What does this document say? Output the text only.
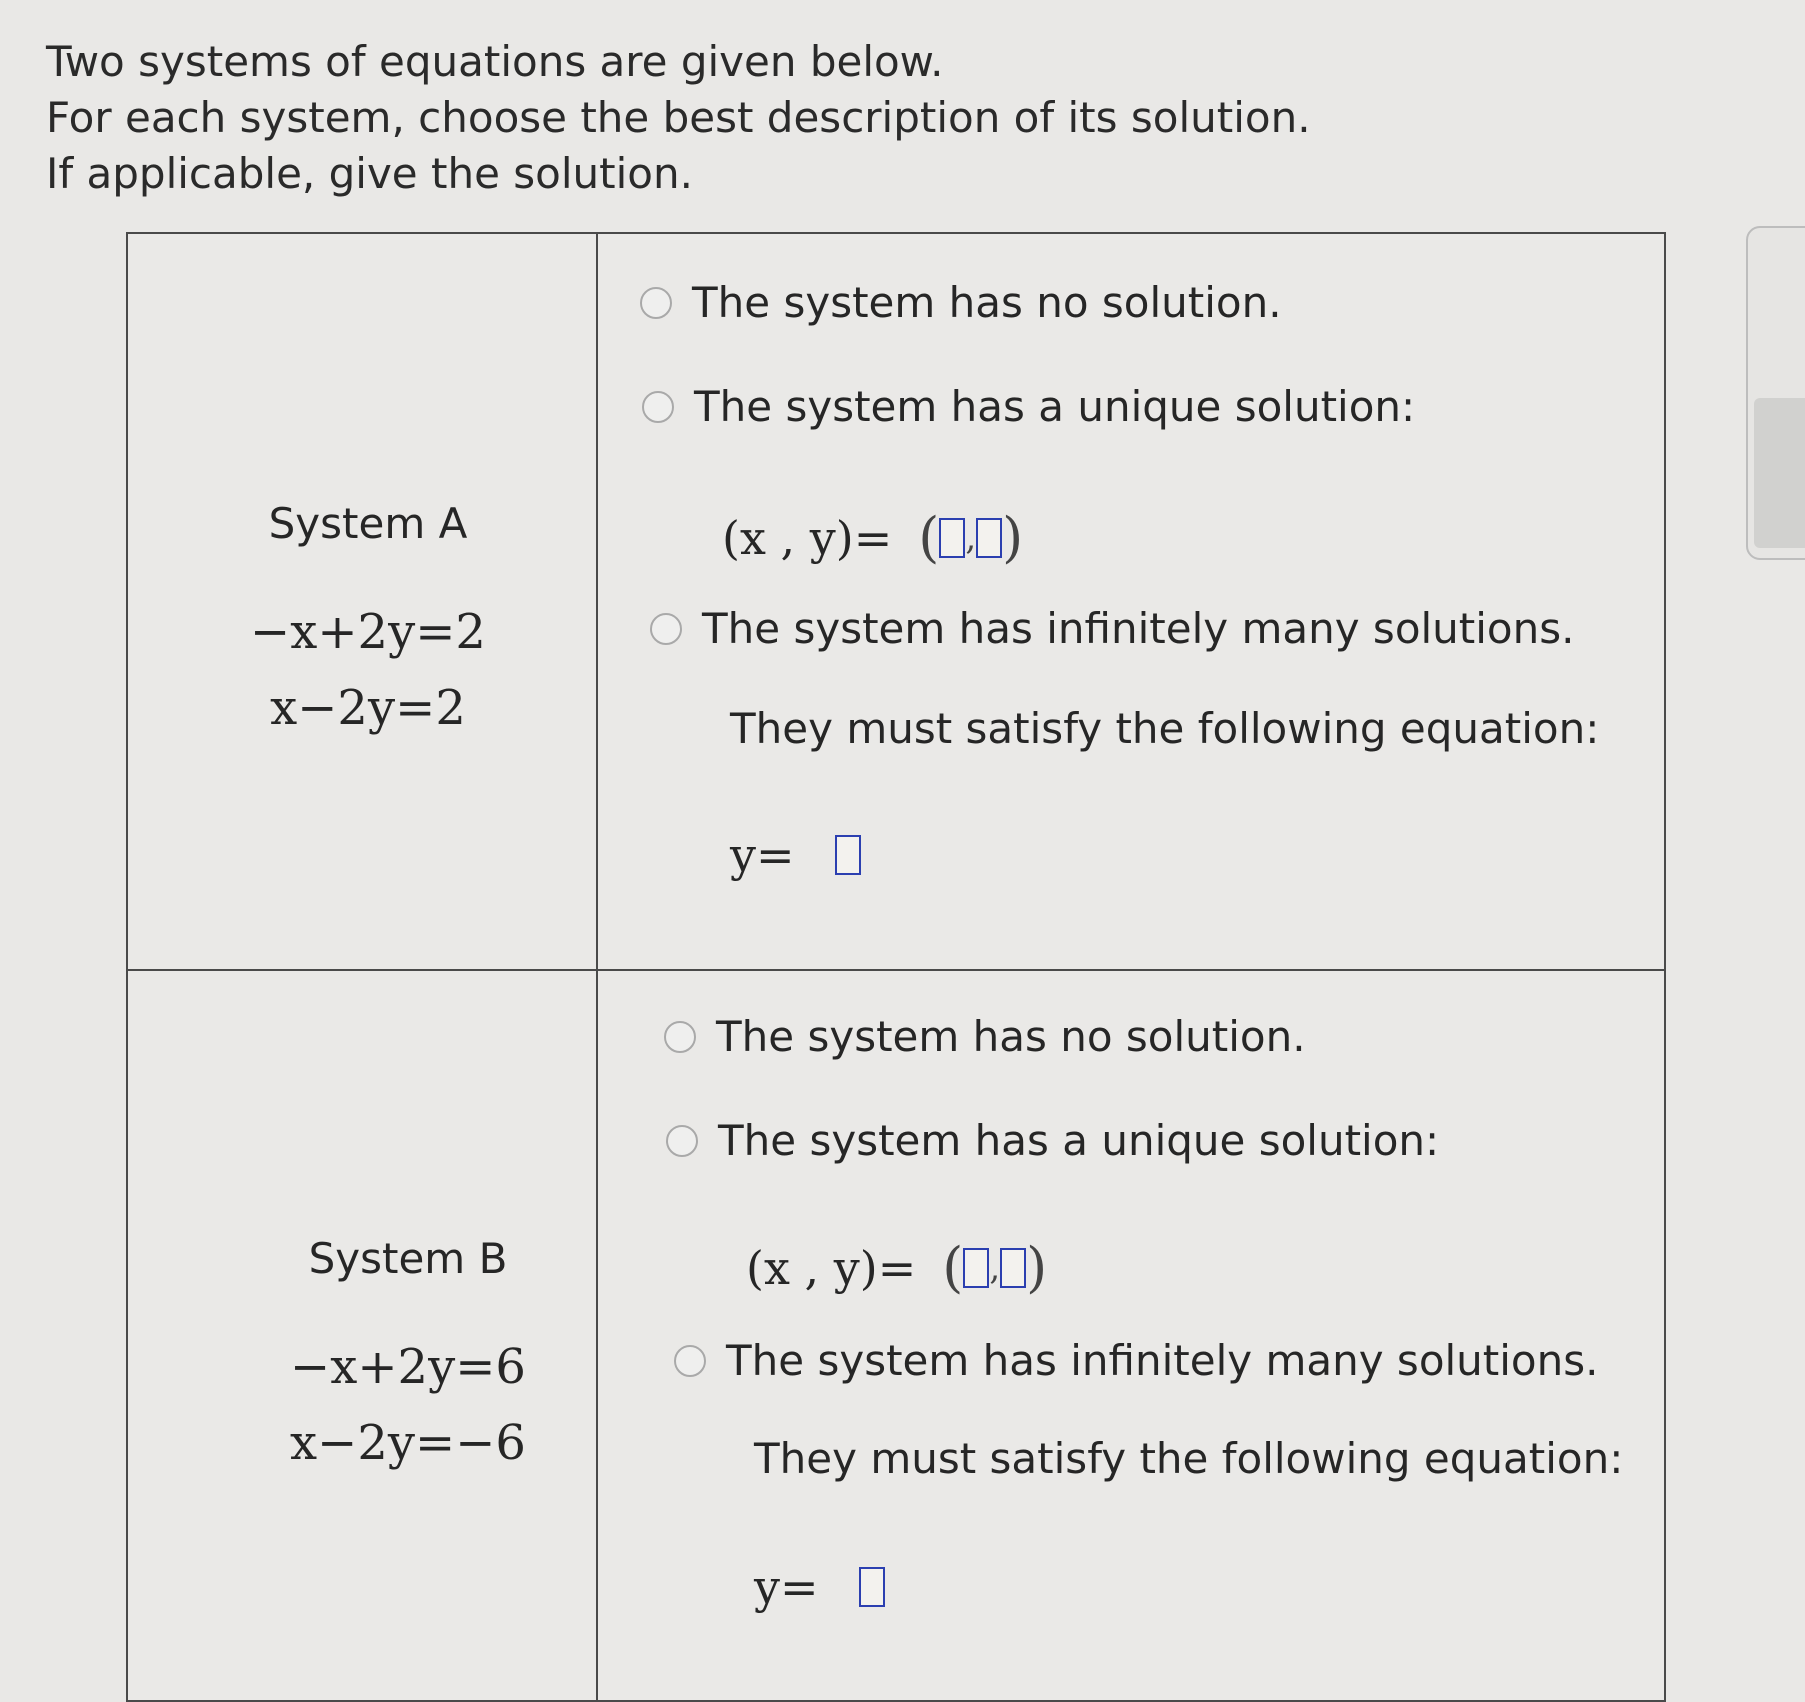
Two systems of equations are given below.
For each system, choose the best description of its solution.
If applicable, give the solution.
System A
−x+2y=2
x−2y=2
The system has no solution.
The system has a unique solution:
(x , y)= ( , )
The system has infinitely many solutions.
They must satisfy the following equation:
y=
System B
−x+2y=6
x−2y=−6
The system has no solution.
The system has a unique solution:
(x , y)= ( , )
The system has infinitely many solutions.
They must satisfy the following equation:
y=
